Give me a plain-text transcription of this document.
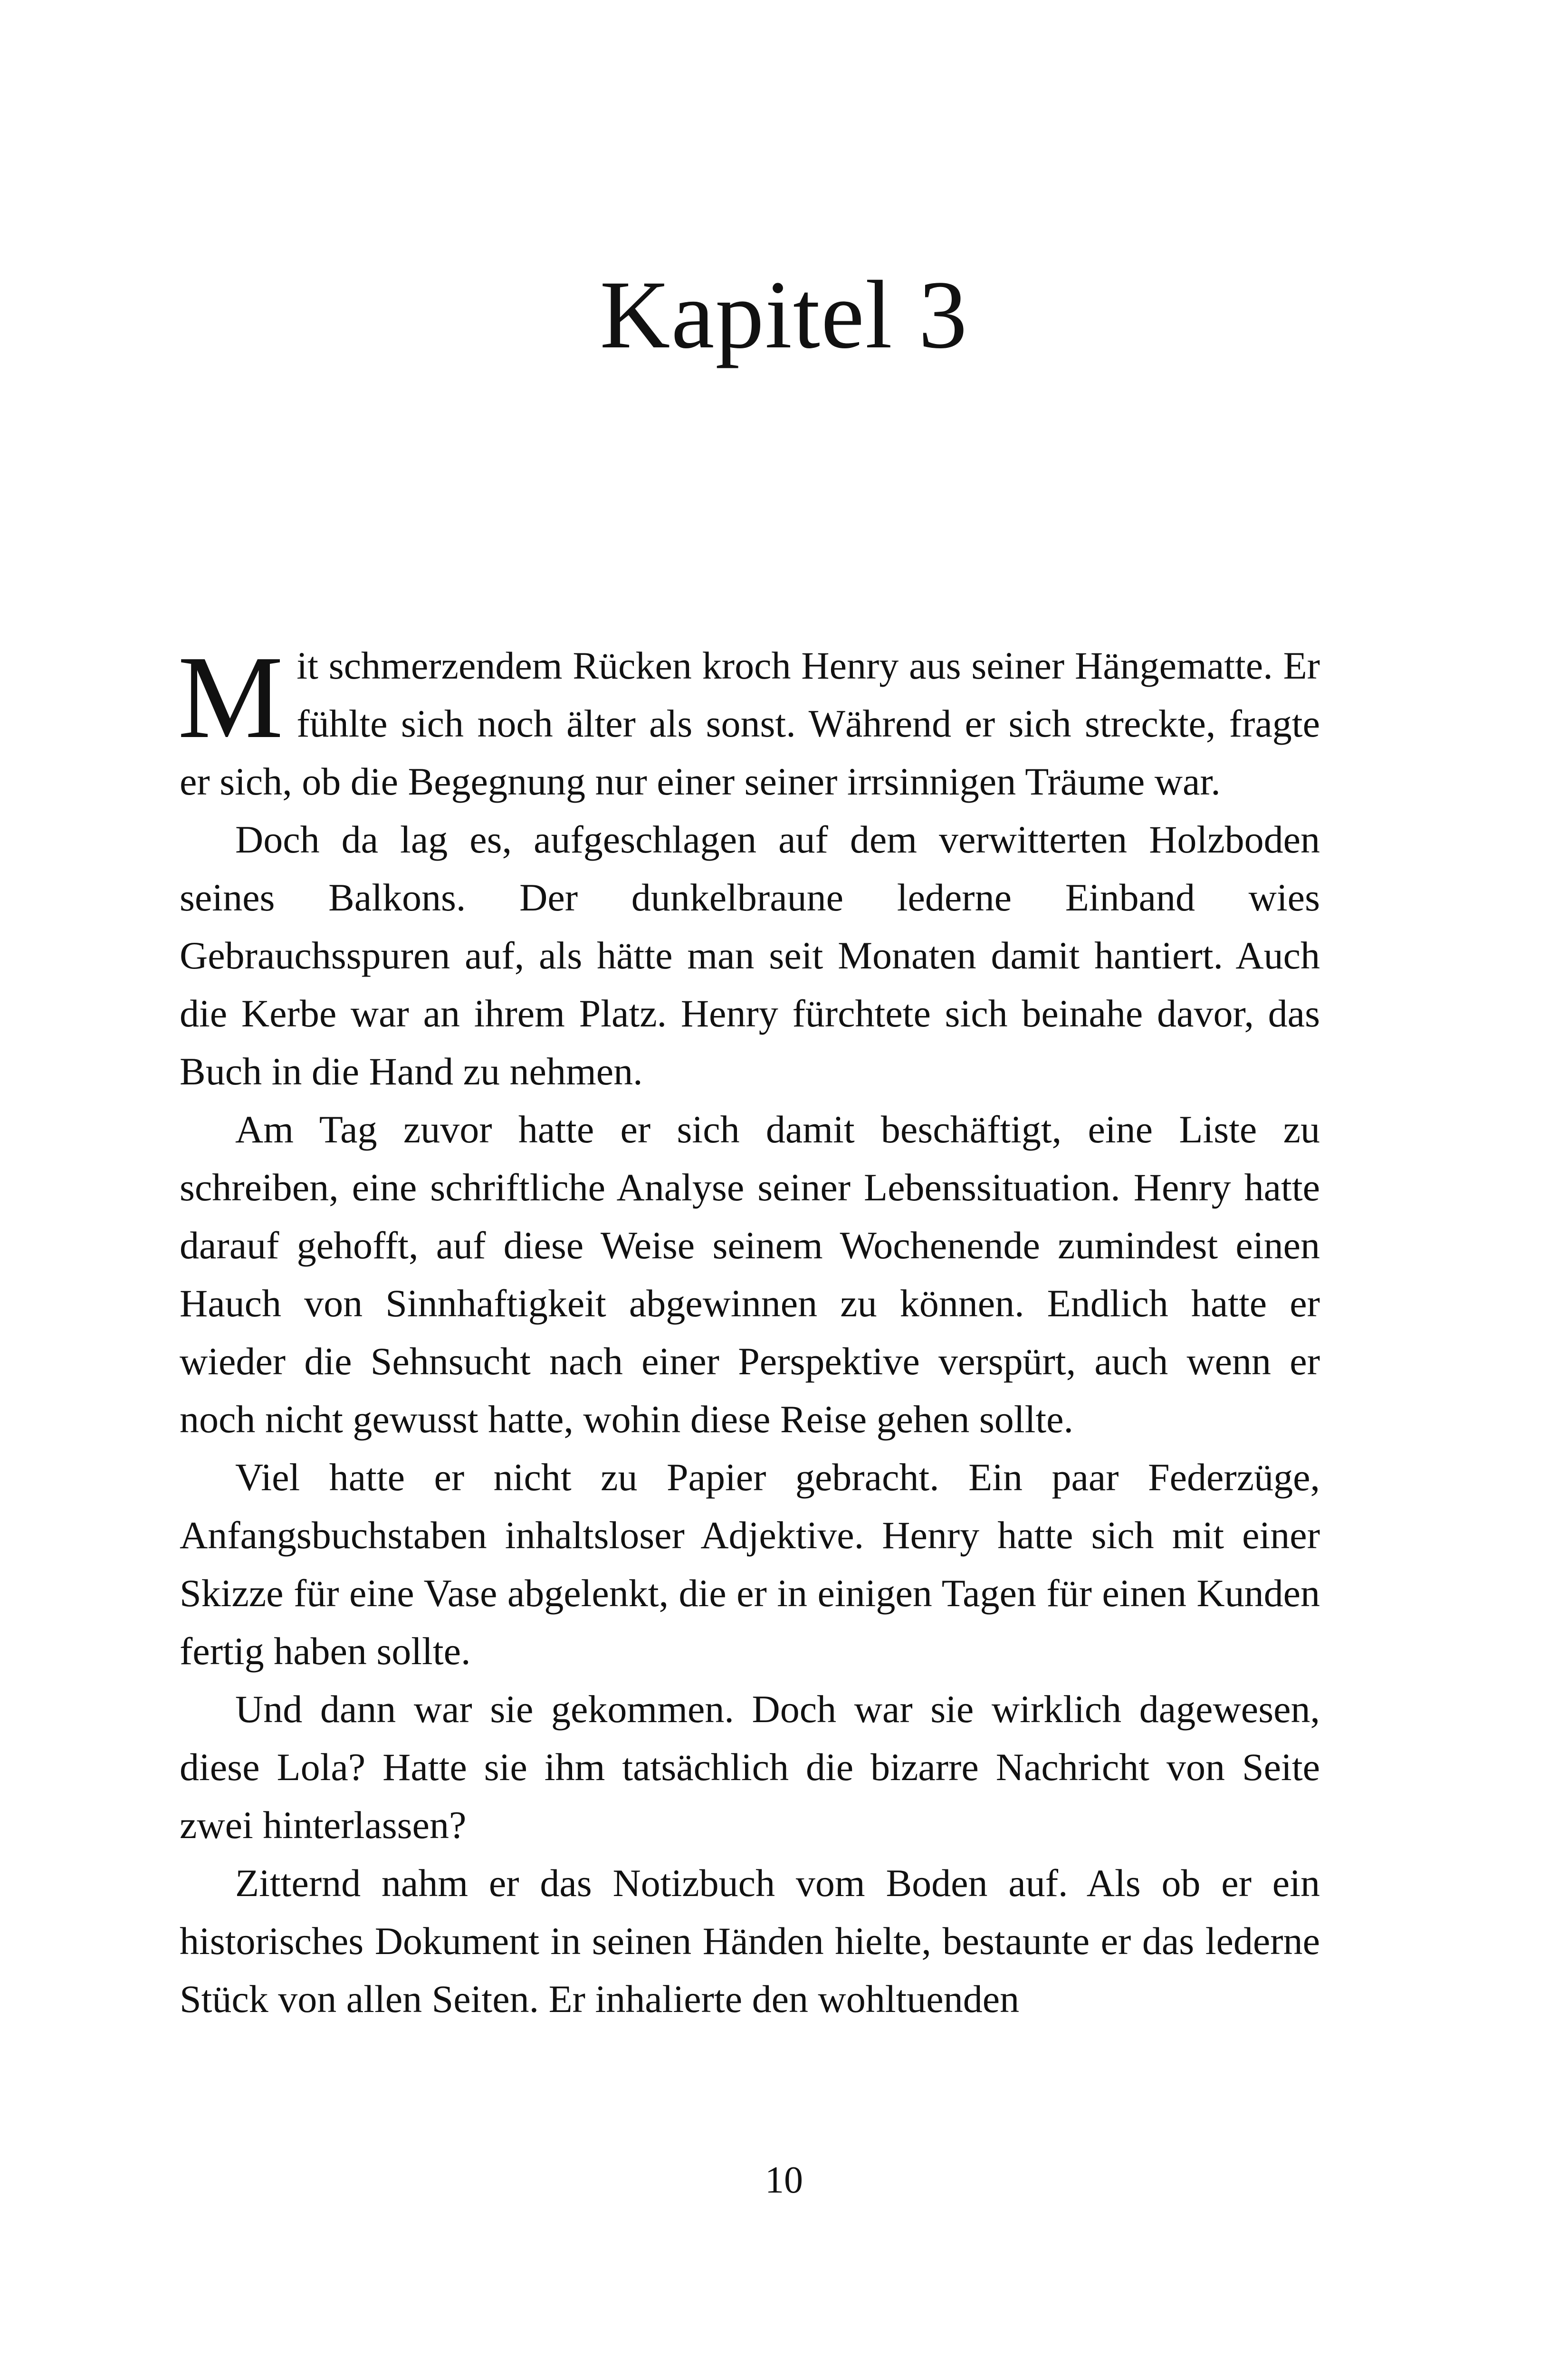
Kapitel 3

Mit schmerzendem Rücken kroch Henry aus seiner Hängematte. Er fühlte sich noch älter als sonst. Während er sich streckte, fragte er sich, ob die Begegnung nur einer seiner irrsinnigen Träume war.

Doch da lag es, aufgeschlagen auf dem verwitterten Holzboden seines Balkons. Der dunkelbraune lederne Einband wies Gebrauchsspuren auf, als hätte man seit Monaten damit hantiert. Auch die Kerbe war an ihrem Platz. Henry fürchtete sich beinahe davor, das Buch in die Hand zu nehmen.

Am Tag zuvor hatte er sich damit beschäftigt, eine Liste zu schreiben, eine schriftliche Analyse seiner Lebenssituation. Henry hatte darauf gehofft, auf diese Weise seinem Wochenende zumindest einen Hauch von Sinnhaftigkeit abgewinnen zu können. Endlich hatte er wieder die Sehnsucht nach einer Perspektive verspürt, auch wenn er noch nicht gewusst hatte, wohin diese Reise gehen sollte.

Viel hatte er nicht zu Papier gebracht. Ein paar Federzüge, Anfangsbuchstaben inhaltsloser Adjektive. Henry hatte sich mit einer Skizze für eine Vase abgelenkt, die er in einigen Tagen für einen Kunden fertig haben sollte.

Und dann war sie gekommen. Doch war sie wirklich dagewesen, diese Lola? Hatte sie ihm tatsächlich die bizarre Nachricht von Seite zwei hinterlassen?

Zitternd nahm er das Notizbuch vom Boden auf. Als ob er ein historisches Dokument in seinen Händen hielte, bestaunte er das lederne Stück von allen Seiten. Er inhalierte den wohltuenden

10
